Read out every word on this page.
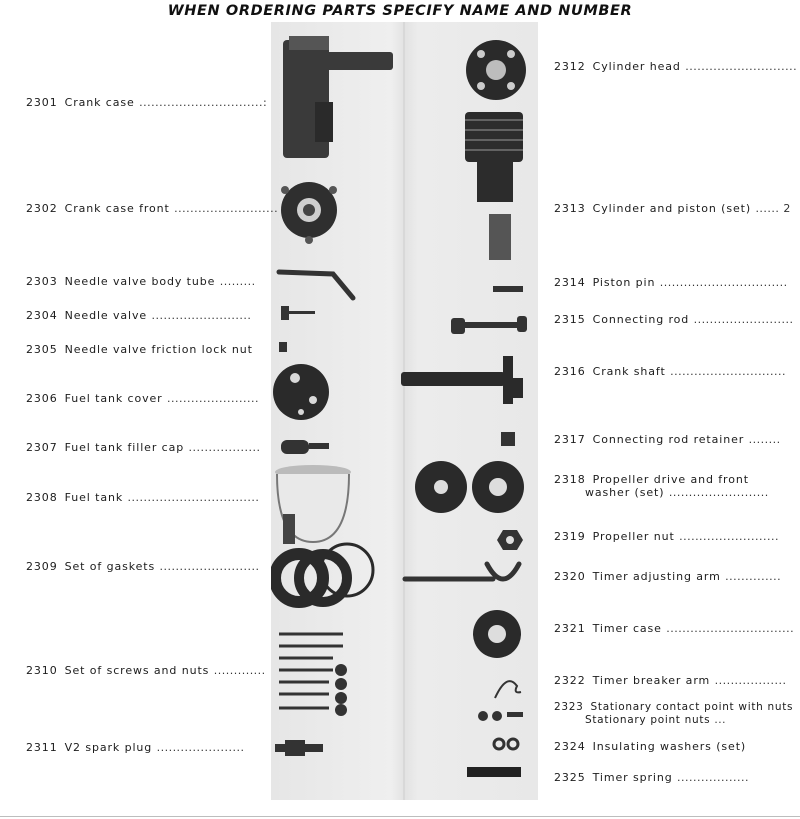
WHEN ORDERING PARTS SPECIFY NAME AND NUMBER
2301 Crank case ...............................:
2302 Crank case front ..........................
2303 Needle valve body tube .........
2304 Needle valve .........................
2305 Needle valve friction lock nut
2306 Fuel tank cover .......................
2307 Fuel tank filler cap ..................
2308 Fuel tank .................................
2309 Set of gaskets .........................
2310 Set of screws and nuts .............
2311 V2 spark plug ......................
2312 Cylinder head ............................
2313 Cylinder and piston (set) ...... 2
2314 Piston pin ................................
2315 Connecting rod .........................
2316 Crank shaft .............................
2317 Connecting rod retainer ........
2318 Propeller drive and front
washer (set) .........................
2319 Propeller nut .........................
2320 Timer adjusting arm ..............
2321 Timer case ................................
2322 Timer breaker arm ..................
2323 Stationary contact point with nuts
Stationary point nuts ...
2324 Insulating washers (set)
2325 Timer spring ..................
